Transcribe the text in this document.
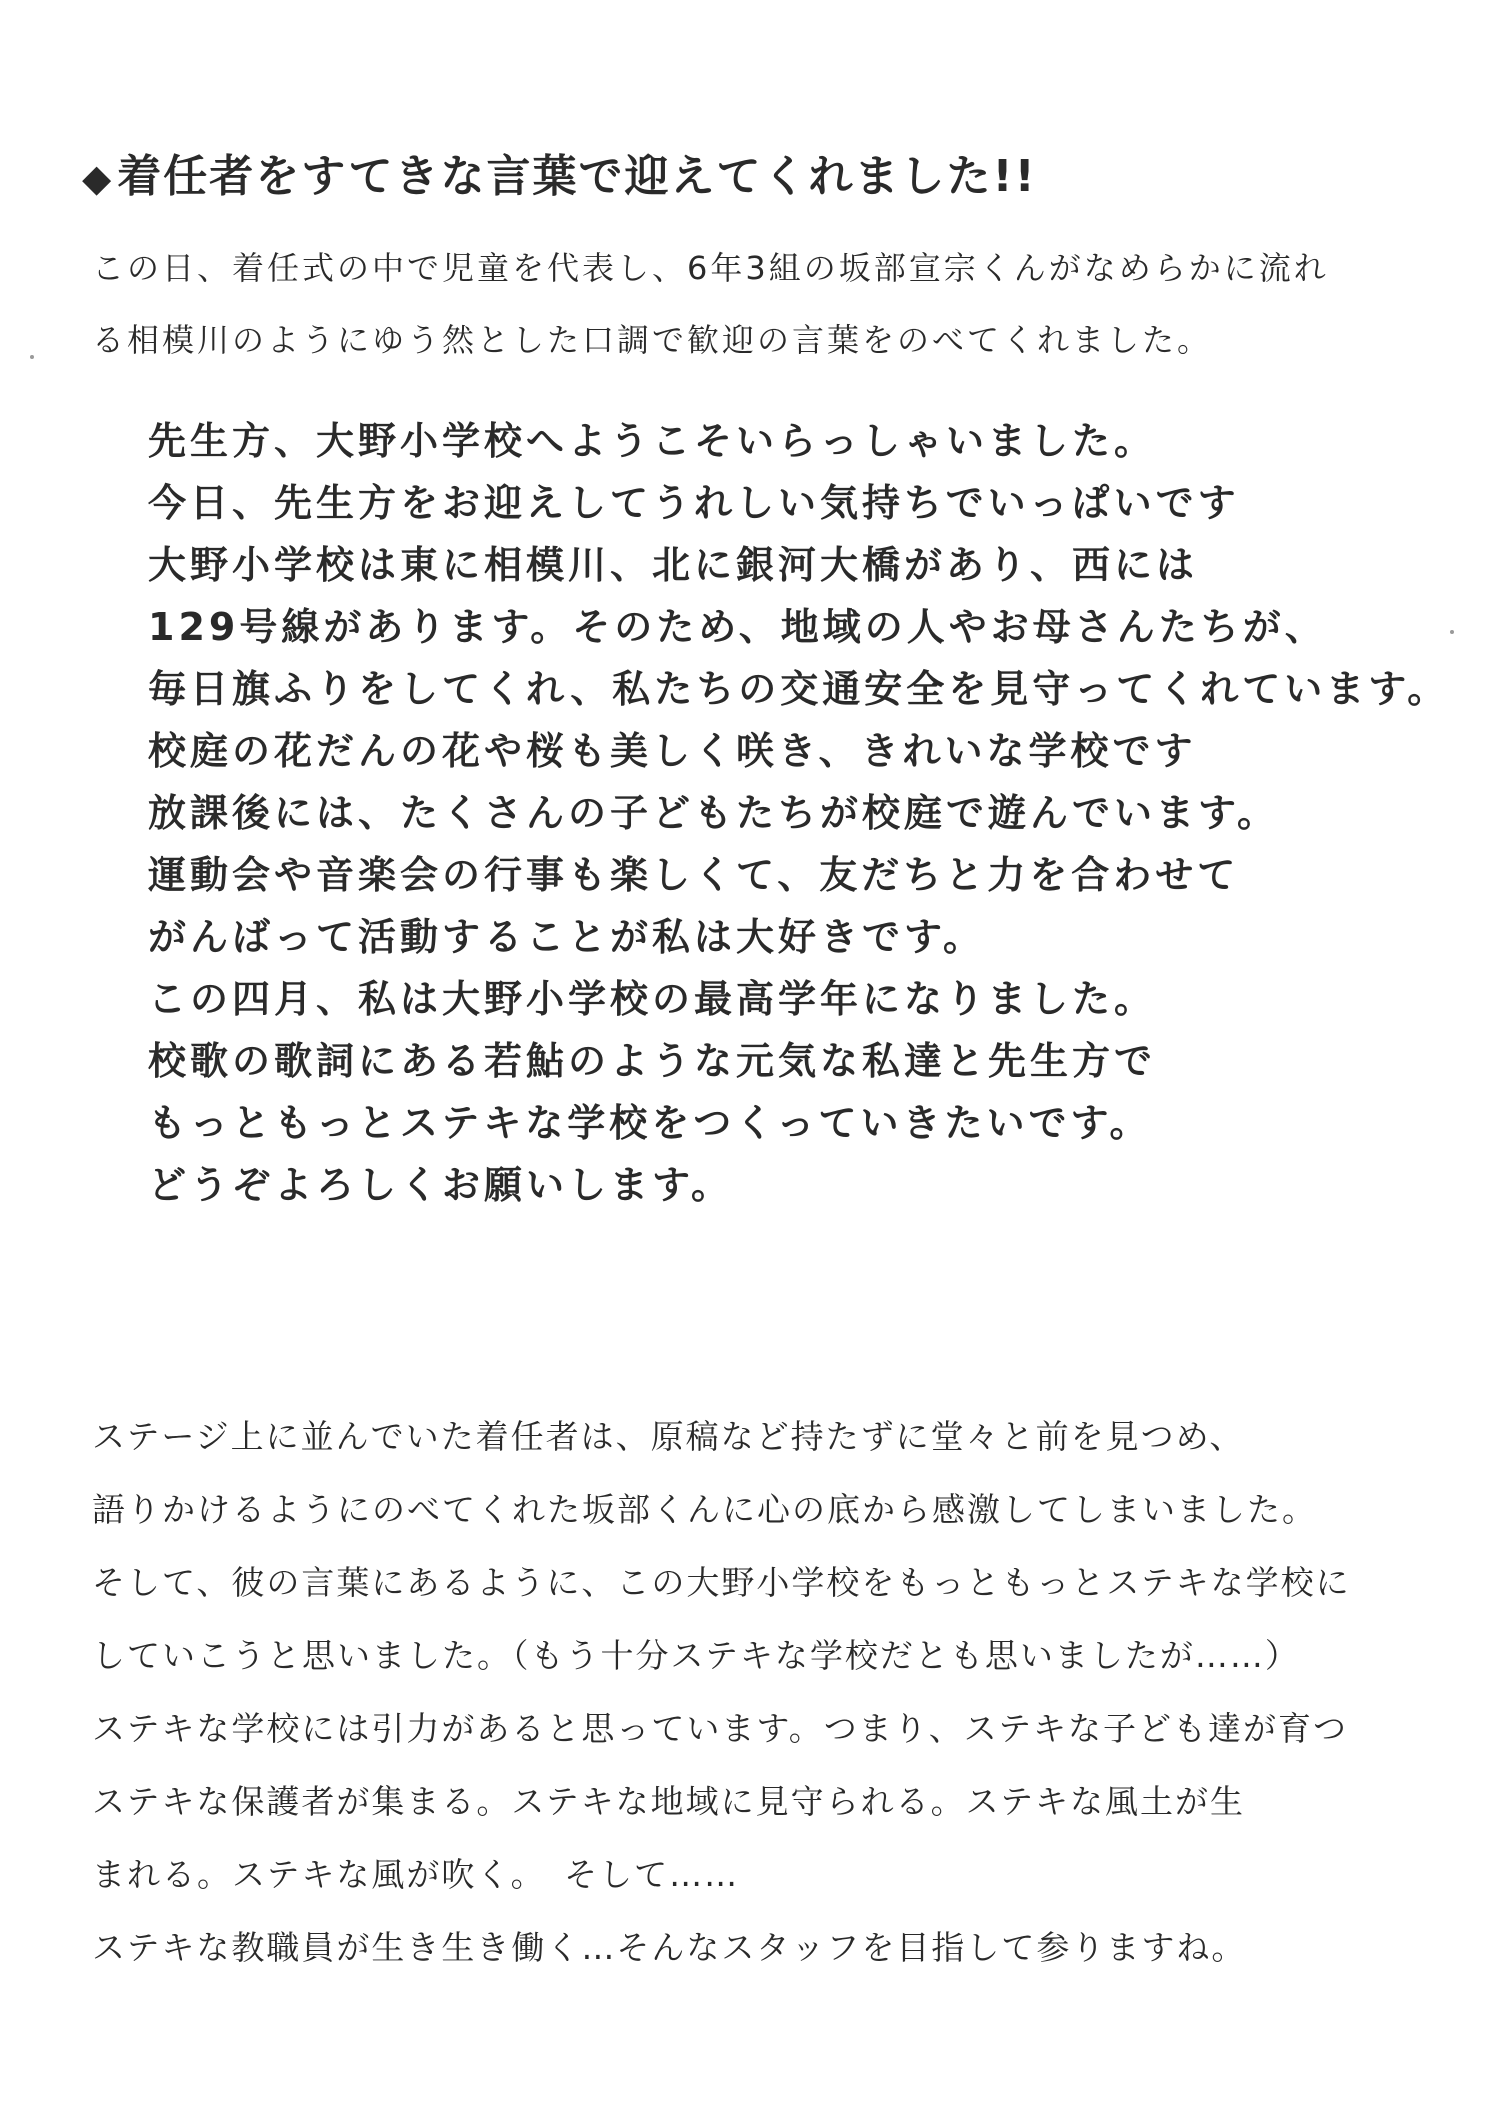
◆着任者をすてきな言葉で迎えてくれました!!
この日、着任式の中で児童を代表し、6年3組の坂部宣宗くんがなめらかに流れ
る相模川のようにゆう然とした口調で歓迎の言葉をのべてくれました。
先生方、大野小学校へようこそいらっしゃいました。
今日、先生方をお迎えしてうれしい気持ちでいっぱいです
大野小学校は東に相模川、北に銀河大橋があり、西には
129号線があります。そのため、地域の人やお母さんたちが、
毎日旗ふりをしてくれ、私たちの交通安全を見守ってくれています。
校庭の花だんの花や桜も美しく咲き、きれいな学校です
放課後には、たくさんの子どもたちが校庭で遊んでいます。
運動会や音楽会の行事も楽しくて、友だちと力を合わせて
がんばって活動することが私は大好きです。
この四月、私は大野小学校の最高学年になりました。
校歌の歌詞にある若鮎のような元気な私達と先生方で
もっともっとステキな学校をつくっていきたいです。
どうぞよろしくお願いします。
ステージ上に並んでいた着任者は、原稿など持たずに堂々と前を見つめ、
語りかけるようにのべてくれた坂部くんに心の底から感激してしまいました。
そして、彼の言葉にあるように、この大野小学校をもっともっとステキな学校に
していこうと思いました。（もう十分ステキな学校だとも思いましたが……）
ステキな学校には引力があると思っています。つまり、ステキな子ども達が育つ
ステキな保護者が集まる。ステキな地域に見守られる。ステキな風土が生
まれる。ステキな風が吹く。　そして……
ステキな教職員が生き生き働く…そんなスタッフを目指して参りますね。
